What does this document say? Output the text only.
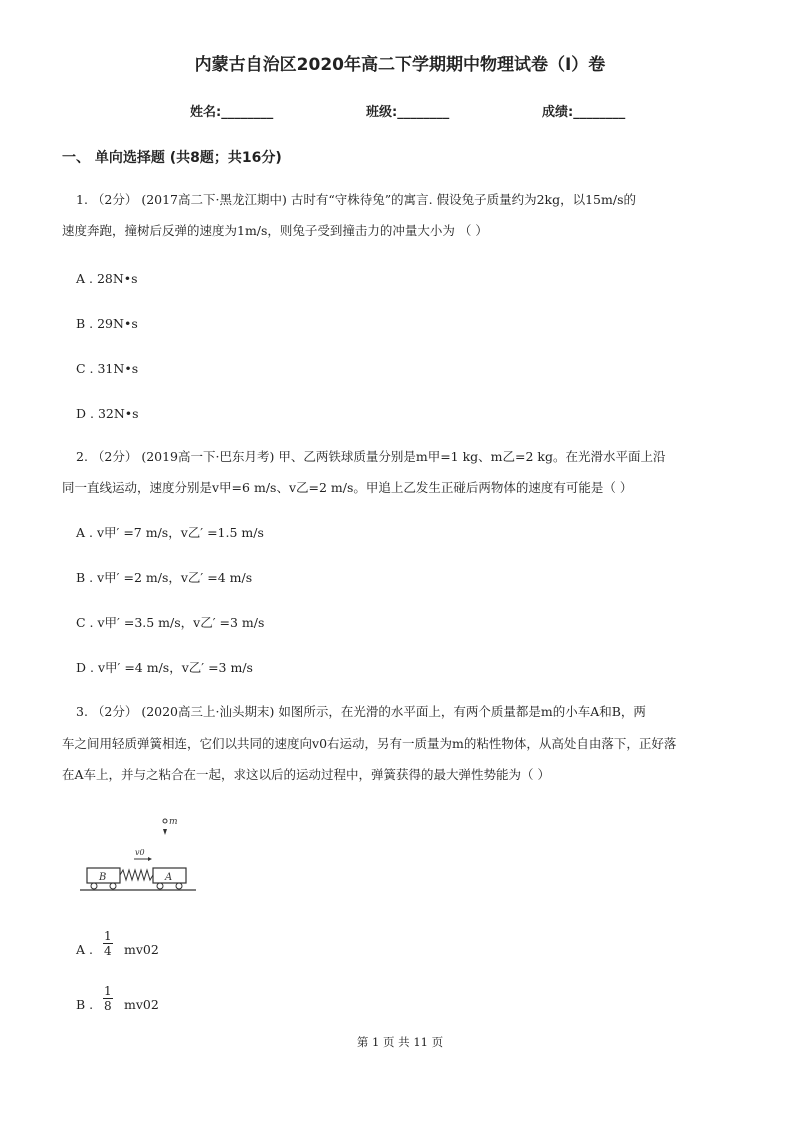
内蒙古自治区2020年高二下学期期中物理试卷（I）卷
姓名:________	班级:________	成绩:________
一、 单向选择题 (共8题；共16分)
1. （2分） (2017高二下·黑龙江期中) 古时有“守株待兔”的寓言. 假设兔子质量约为2kg，以15m/s的
速度奔跑，撞树后反弹的速度为1m/s，则兔子受到撞击力的冲量大小为 （ ）
A . 28N•s
B . 29N•s
C . 31N•s
D . 32N•s
2. （2分） (2019高一下·巴东月考) 甲、乙两铁球质量分别是m甲=1 kg、m乙=2 kg。在光滑水平面上沿
同一直线运动，速度分别是v甲=6 m/s、v乙=2 m/s。甲追上乙发生正碰后两物体的速度有可能是（ ）
A . v甲′ =7 m/s，v乙′ =1.5 m/s
B . v甲′ =2 m/s，v乙′ =4 m/s
C . v甲′ =3.5 m/s，v乙′ =3 m/s
D . v甲′ =4 m/s，v乙′ =3 m/s
3. （2分） (2020高三上·汕头期末) 如图所示，在光滑的水平面上，有两个质量都是m的小车A和B，两
车之间用轻质弹簧相连，它们以共同的速度向v0右运动，另有一质量为m的粘性物体，从高处自由落下，正好落
在A车上，并与之粘合在一起，求这以后的运动过程中，弹簧获得的最大弹性势能为（ ）
m
v0
B	A
A . $\frac{1}{4} mv02$
B . $\frac{1}{8} mv02$
第 1 页 共 11 页
